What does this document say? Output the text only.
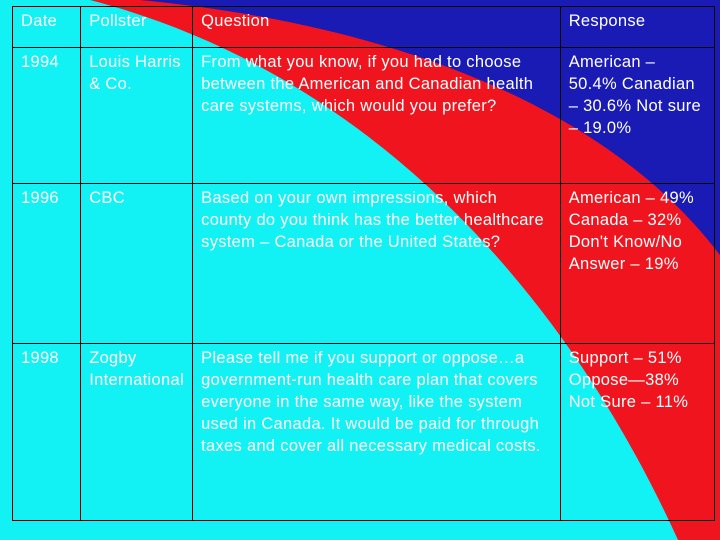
Date	Pollster	Question	Response
1994	Louis Harris & Co.	From what you know, if you had to choose between the American and Canadian health care systems, which would you prefer?	American – 50.4% Canadian – 30.6% Not sure – 19.0%
1996	CBC	Based on your own impressions, which county do you think has the better healthcare system – Canada or the United States?	American – 49% Canada – 32% Don't Know/No Answer – 19%
1998	Zogby International	Please tell me if you support or oppose…a government-run health care plan that covers everyone in the same way, like the system used in Canada. It would be paid for through taxes and cover all necessary medical costs.	Support – 51% Oppose—38% Not Sure – 11%
